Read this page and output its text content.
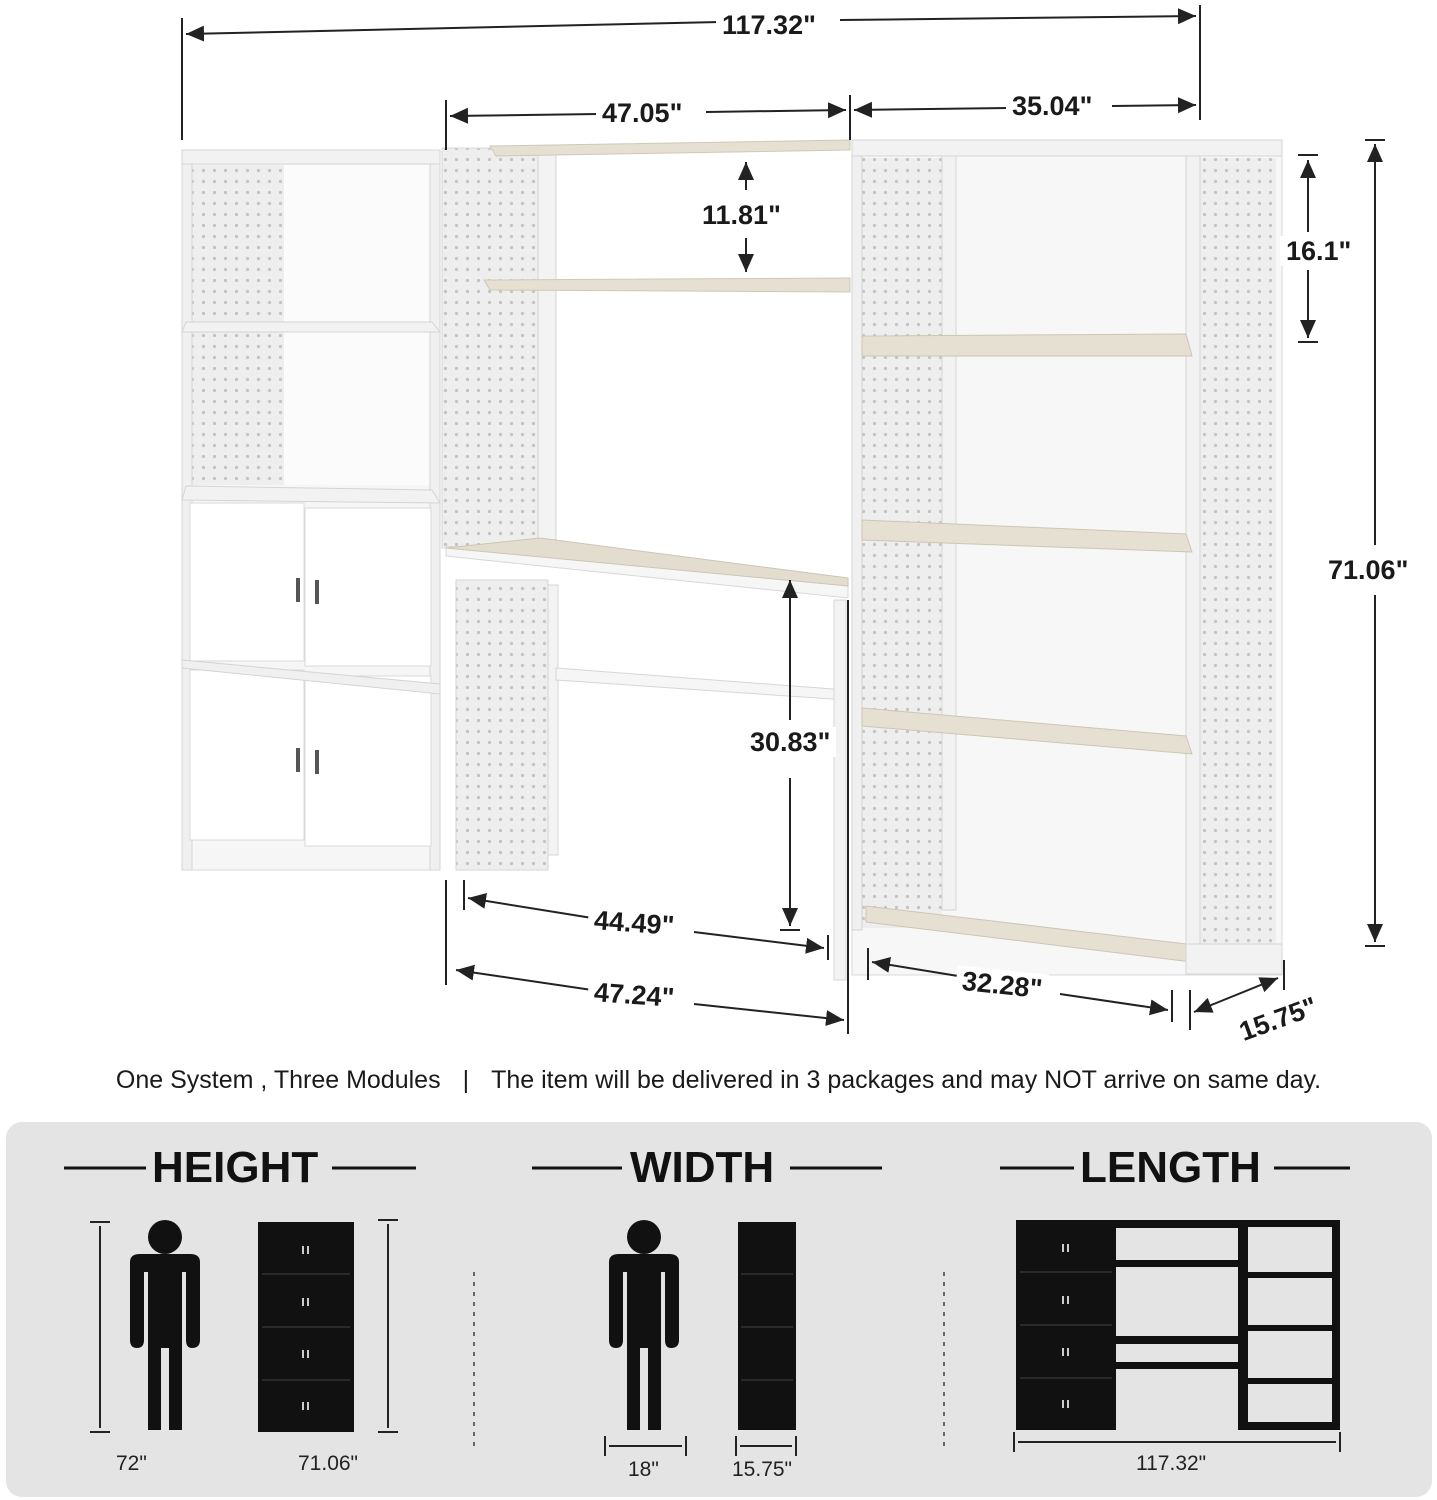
117.32"
47.05"	35.04"
11.81"
16.1"
71.06"
30.83"
44.49"
47.24"	32.28"
15.75"
One System , Three Modules | The item will be delivered in 3 packages and may NOT arrive on same day.
HEIGHT	WIDTH	LENGTH
72"	71.06"	18"	15.75"	117.32"
